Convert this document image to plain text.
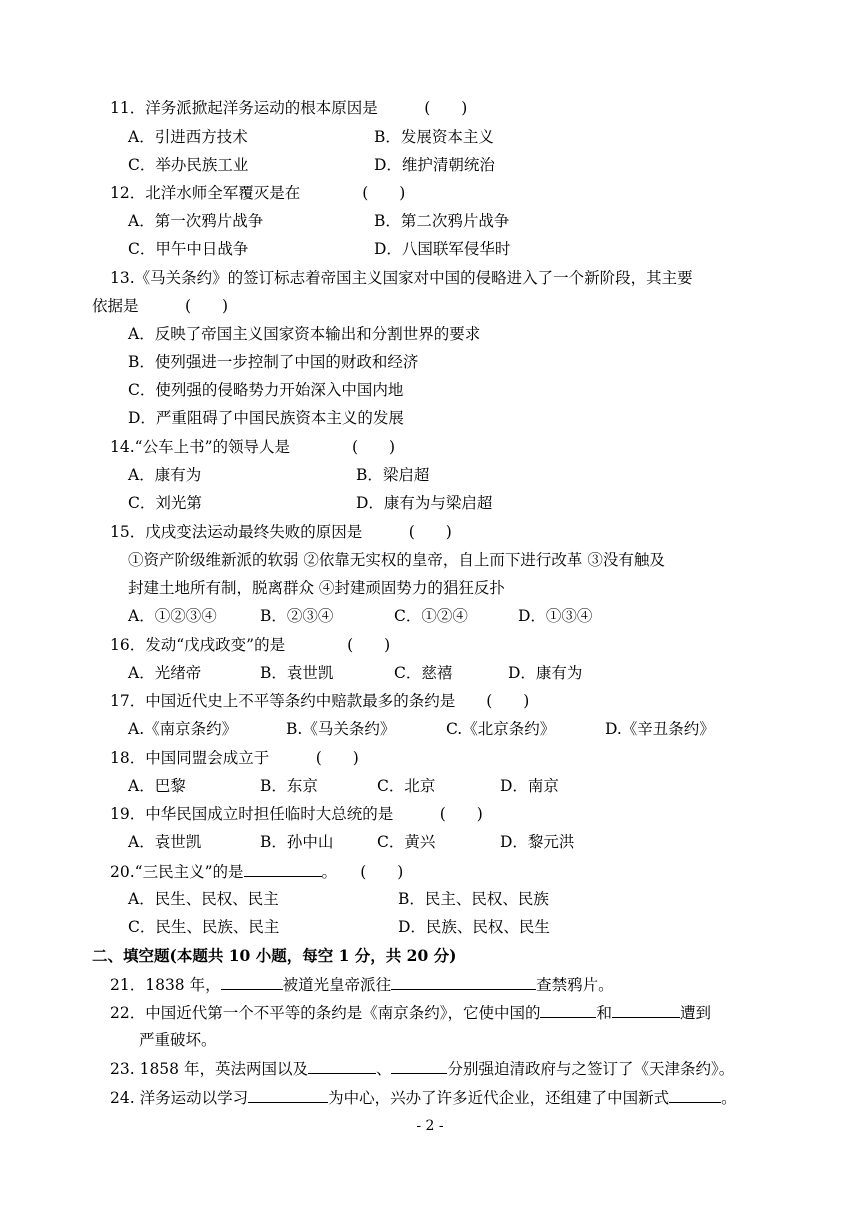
11．洋务派掀起洋务运动的根本原因是　　　(　　)
A．引进西方技术	B．发展资本主义
C．举办民族工业	D．维护清朝统治
12．北洋水师全军覆灭是在　　　　(　　)
A．第一次鸦片战争	B．第二次鸦片战争
C．甲午中日战争	D．八国联军侵华时
13.《马关条约》的签订标志着帝国主义国家对中国的侵略进入了一个新阶段，其主要
依据是　　　(　　)
A．反映了帝国主义国家资本输出和分割世界的要求
B．使列强进一步控制了中国的财政和经济
C．使列强的侵略势力开始深入中国内地
D．严重阻碍了中国民族资本主义的发展
14.“公车上书”的领导人是　　　　(　　)
A．康有为	B．梁启超
C．刘光第	D．康有为与梁启超
15．戊戌变法运动最终失败的原因是　　　(　　)
①资产阶级维新派的软弱 ②依靠无实权的皇帝，自上而下进行改革 ③没有触及
封建土地所有制，脱离群众 ④封建顽固势力的猖狂反扑
A．①②③④	B．②③④	C．①②④	D．①③④
16．发动“戊戌政变”的是　　　　(　　)
A．光绪帝	B．袁世凯	C．慈禧	D．康有为
17．中国近代史上不平等条约中赔款最多的条约是　　(　　)
A.《南京条约》	B.《马关条约》	C.《北京条约》	D.《辛丑条约》
18．中国同盟会成立于　　　(　　)
A．巴黎	B．东京	C．北京	D．南京
19．中华民国成立时担任临时大总统的是　　　(　　)
A．袁世凯	B．孙中山	C．黄兴	D．黎元洪
20.“三民主义”的是	。　　(　　)
A．民生、民权、民主	B．民主、民权、民族
C．民生、民族、民主	D．民族、民权、民生
二、填空题(本题共 10 小题，每空 1 分，共 20 分)
21．1838 年，	被道光皇帝派往	查禁鸦片。
22．中国近代第一个不平等的条约是《南京条约》，它使中国的	和	遭到
严重破坏。
23. 1858 年，英法两国以及	、	分别强迫清政府与之签订了《天津条约》。
24. 洋务运动以学习	为中心，兴办了许多近代企业，还组建了中国新式	。
- 2 -
